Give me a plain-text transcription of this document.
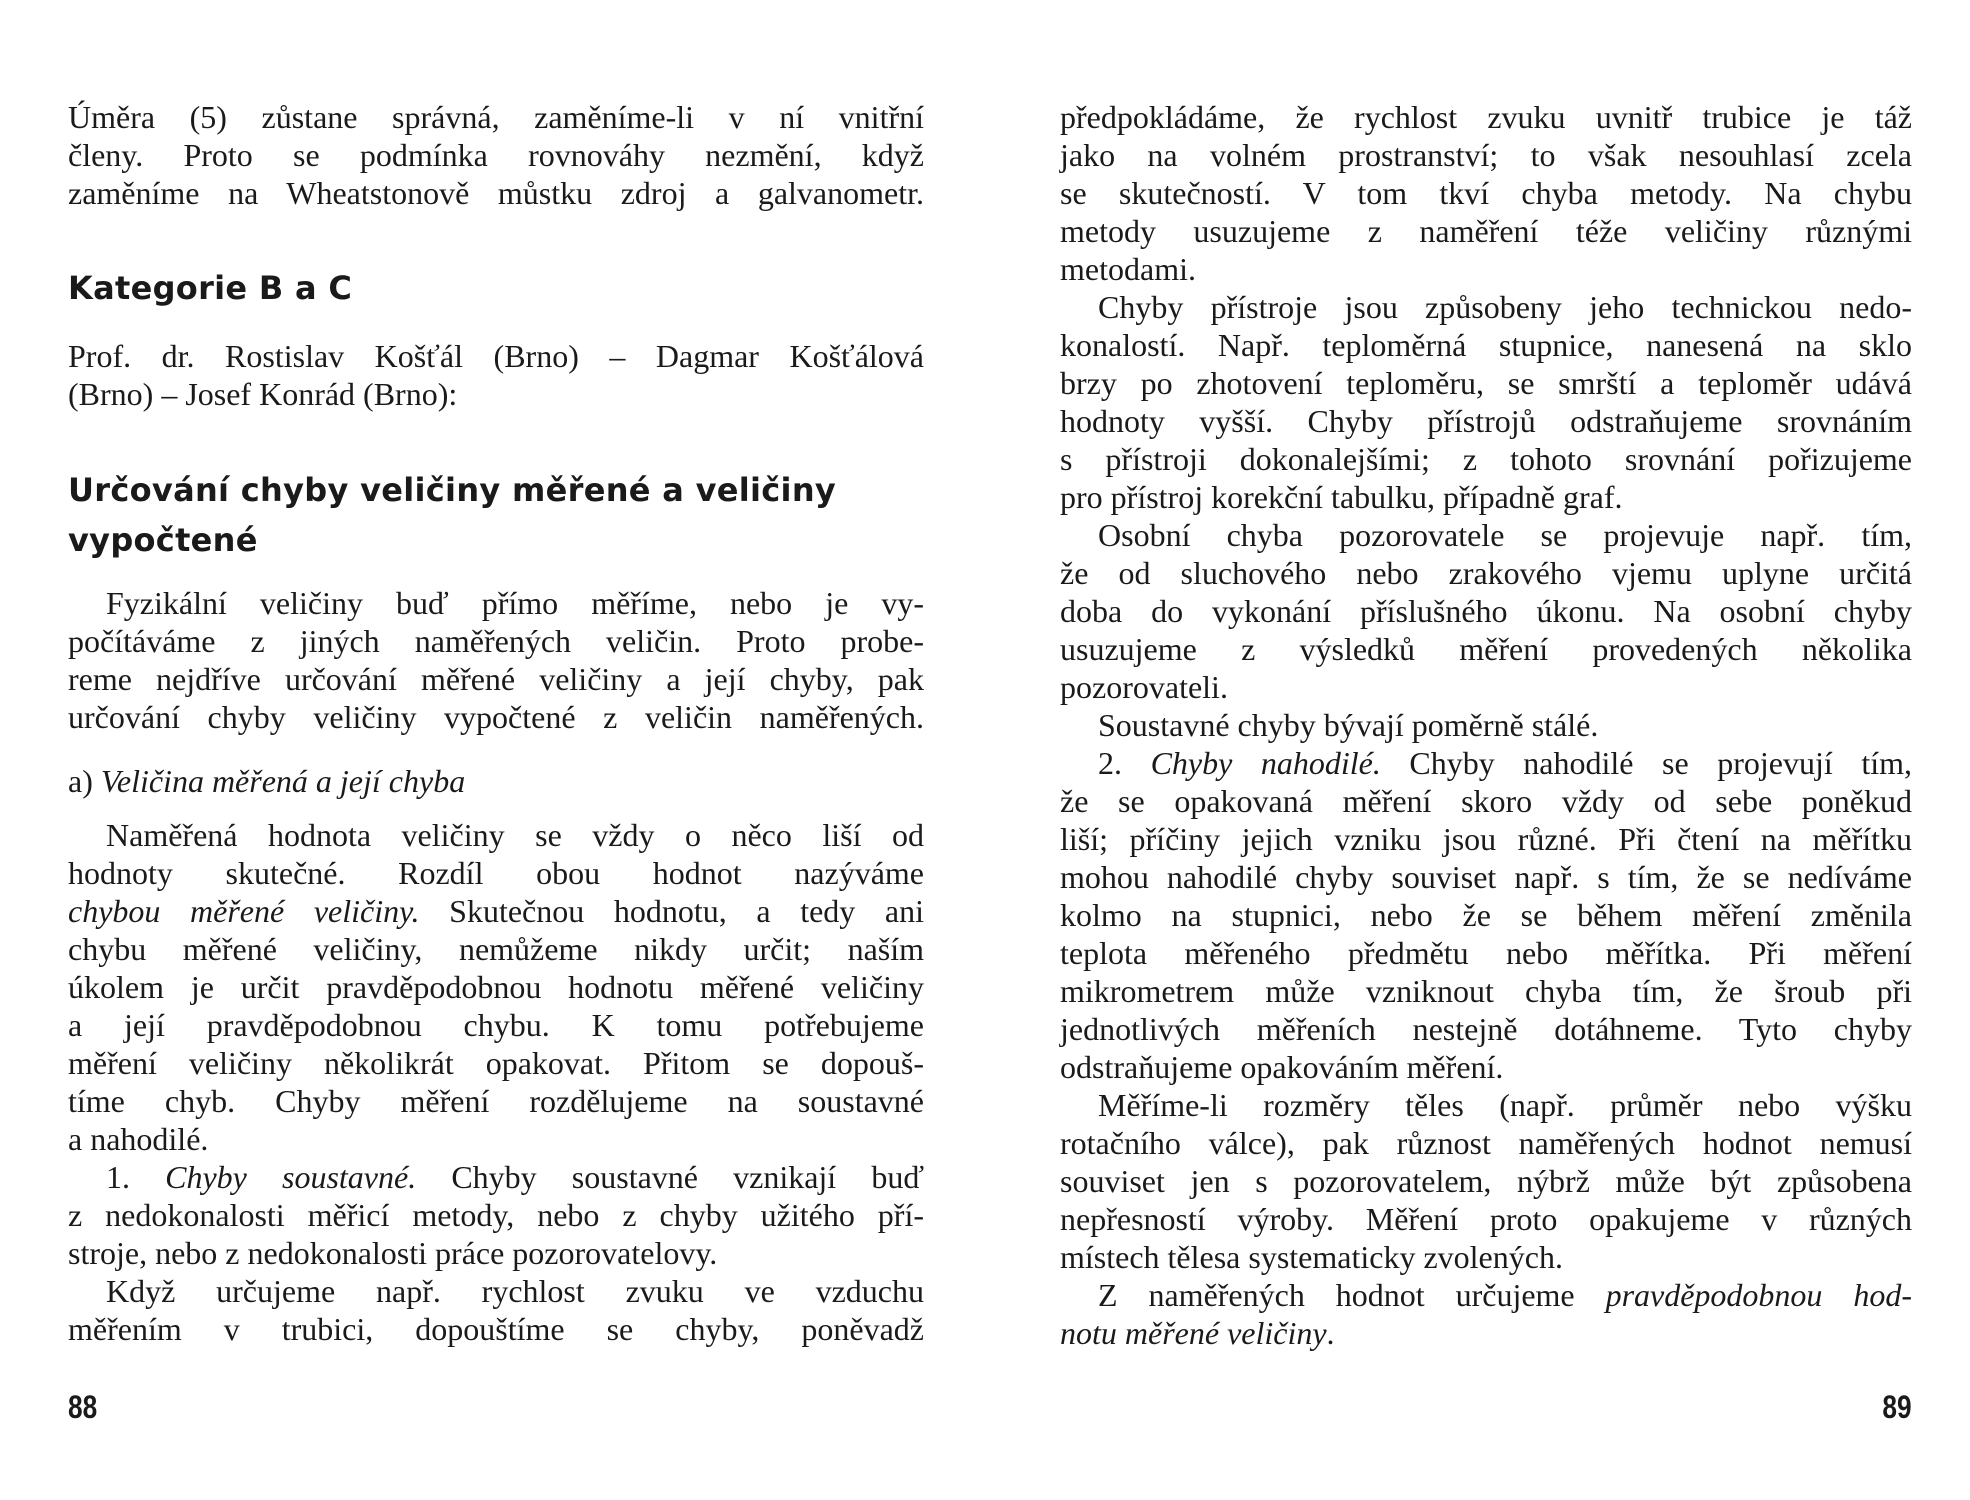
Úměra (5) zůstane správná, zaměníme-li v ní vnitřní
členy. Proto se podmínka rovnováhy nezmění, když
zaměníme na Wheatstonově můstku zdroj a galvanometr.
Kategorie B a C
Prof. dr. Rostislav Košťál (Brno) – Dagmar Košťálová
(Brno) – Josef Konrád (Brno):
Určování chyby veličiny měřené a veličiny
vypočtené
Fyzikální veličiny buď přímo měříme, nebo je vy-
počítáváme z jiných naměřených veličin. Proto probe-
reme nejdříve určování měřené veličiny a její chyby, pak
určování chyby veličiny vypočtené z veličin naměřených.
a) Veličina měřená a její chyba
Naměřená hodnota veličiny se vždy o něco liší od
hodnoty skutečné. Rozdíl obou hodnot nazýváme
chybou měřené veličiny. Skutečnou hodnotu, a tedy ani
chybu měřené veličiny, nemůžeme nikdy určit; naším
úkolem je určit pravděpodobnou hodnotu měřené veličiny
a její pravděpodobnou chybu. K tomu potřebujeme
měření veličiny několikrát opakovat. Přitom se dopouš-
tíme chyb. Chyby měření rozdělujeme na soustavné
a nahodilé.
1. Chyby soustavné. Chyby soustavné vznikají buď
z nedokonalosti měřicí metody, nebo z chyby užitého pří-
stroje, nebo z nedokonalosti práce pozorovatelovy.
Když určujeme např. rychlost zvuku ve vzduchu
měřením v trubici, dopouštíme se chyby, poněvadž
88
předpokládáme, že rychlost zvuku uvnitř trubice je táž
jako na volném prostranství; to však nesouhlasí zcela
se skutečností. V tom tkví chyba metody. Na chybu
metody usuzujeme z naměření téže veličiny různými
metodami.
Chyby přístroje jsou způsobeny jeho technickou nedo-
konalostí. Např. teploměrná stupnice, nanesená na sklo
brzy po zhotovení teploměru, se smrští a teploměr udává
hodnoty vyšší. Chyby přístrojů odstraňujeme srovnáním
s přístroji dokonalejšími; z tohoto srovnání pořizujeme
pro přístroj korekční tabulku, případně graf.
Osobní chyba pozorovatele se projevuje např. tím,
že od sluchového nebo zrakového vjemu uplyne určitá
doba do vykonání příslušného úkonu. Na osobní chyby
usuzujeme z výsledků měření provedených několika
pozorovateli.
Soustavné chyby bývají poměrně stálé.
2. Chyby nahodilé. Chyby nahodilé se projevují tím,
že se opakovaná měření skoro vždy od sebe poněkud
liší; příčiny jejich vzniku jsou různé. Při čtení na měřítku
mohou nahodilé chyby souviset např. s tím, že se nedíváme
kolmo na stupnici, nebo že se během měření změnila
teplota měřeného předmětu nebo měřítka. Při měření
mikrometrem může vzniknout chyba tím, že šroub při
jednotlivých měřeních nestejně dotáhneme. Tyto chyby
odstraňujeme opakováním měření.
Měříme-li rozměry těles (např. průměr nebo výšku
rotačního válce), pak různost naměřených hodnot nemusí
souviset jen s pozorovatelem, nýbrž může být způsobena
nepřesností výroby. Měření proto opakujeme v různých
místech tělesa systematicky zvolených.
Z naměřených hodnot určujeme pravděpodobnou hod-
notu měřené veličiny.
89
